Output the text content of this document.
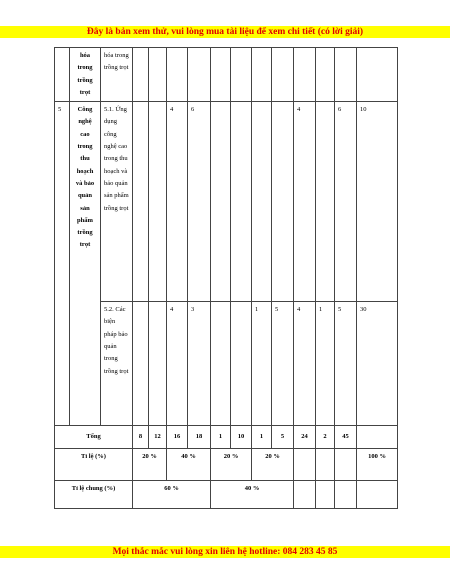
Đây là bản xem thử, vui lòng mua tài liệu để xem chi tiết (có lời giải)
	hóa trong trồng trọt	hóa trong trồng trọt												
5	Công nghệ cao trong thu hoạch và bảo quản sản phẩm trồng trọt	5.1. Ứng dụng công nghệ cao trong thu hoạch và bảo quản sản phẩm trồng trọt			4	6					4		6	10
		5.2. Các biện pháp bảo quản trong trồng trọt			4	3			1	5	4	1	5	30
Tổng			8	12	16	18	1	10	1	5	24	2	45	
Tỉ lệ (%)			20 %		40 %		20 %		20 %					100 %
Tỉ lệ chung (%)			60 %				40 %							
Mọi thắc mắc vui lòng xin liên hệ hotline: 084 283 45 85
